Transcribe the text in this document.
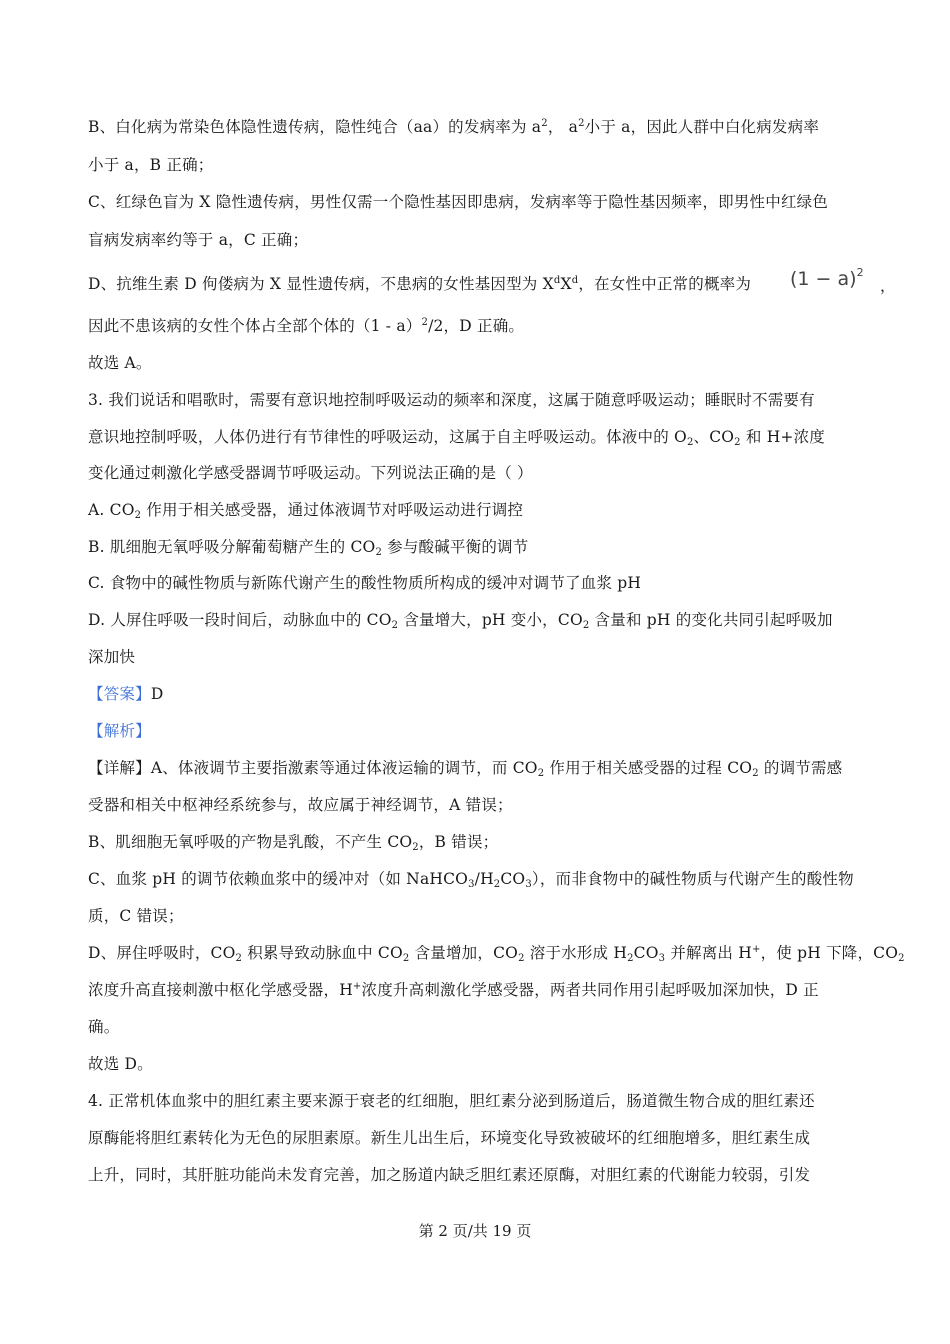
B、白化病为常染色体隐性遗传病，隐性纯合（aa）的发病率为 $a^2$， $a^2$小于 a，因此人群中白化病发病率
小于 a，B 正确；
C、红绿色盲为 X 隐性遗传病，男性仅需一个隐性基因即患病，发病率等于隐性基因频率，即男性中红绿色
盲病发病率约等于 a，C 正确；
D、抗维生素 D 佝偻病为 X 显性遗传病，不患病的女性基因型为 $X^dX^d$，在女性中正常的概率为 $(1 - a)^2$
，
因此不患该病的女性个体占全部个体的（1 - a）$^2$/2，D 正确。
故选 A。
3. 我们说话和唱歌时，需要有意识地控制呼吸运动的频率和深度，这属于随意呼吸运动；睡眠时不需要有
意识地控制呼吸，人体仍进行有节律性的呼吸运动，这属于自主呼吸运动。体液中的 $O_2$、$CO_2$ 和 H+浓度
变化通过刺激化学感受器调节呼吸运动。下列说法正确的是（ ）
A. $CO_2$ 作用于相关感受器，通过体液调节对呼吸运动进行调控
B. 肌细胞无氧呼吸分解葡萄糖产生的 $CO_2$ 参与酸碱平衡的调节
C. 食物中的碱性物质与新陈代谢产生的酸性物质所构成的缓冲对调节了血浆 pH
D. 人屏住呼吸一段时间后，动脉血中的 $CO_2$ 含量增大，pH 变小，$CO_2$ 含量和 pH 的变化共同引起呼吸加
深加快
【答案】D
【解析】
【详解】A、体液调节主要指激素等通过体液运输的调节，而 $CO_2$ 作用于相关感受器的过程 $CO_2$ 的调节需感
受器和相关中枢神经系统参与，故应属于神经调节，A 错误；
B、肌细胞无氧呼吸的产物是乳酸，不产生 $CO_2$，B 错误；
C、血浆 pH 的调节依赖血浆中的缓冲对（如 $NaHCO_3/H_2CO_3$），而非食物中的碱性物质与代谢产生的酸性物
质，C 错误；
D、屏住呼吸时，$CO_2$ 积累导致动脉血中 $CO_2$ 含量增加，$CO_2$ 溶于水形成 $H_2CO_3$ 并解离出 H+，使 pH 下降，$CO_2$
浓度升高直接刺激中枢化学感受器，H+浓度升高刺激化学感受器，两者共同作用引起呼吸加深加快，D 正
确。
故选 D。
4. 正常机体血浆中的胆红素主要来源于衰老的红细胞，胆红素分泌到肠道后，肠道微生物合成的胆红素还
原酶能将胆红素转化为无色的尿胆素原。新生儿出生后，环境变化导致被破坏的红细胞增多，胆红素生成
上升，同时，其肝脏功能尚未发育完善，加之肠道内缺乏胆红素还原酶，对胆红素的代谢能力较弱，引发
第 2 页/共 19 页
